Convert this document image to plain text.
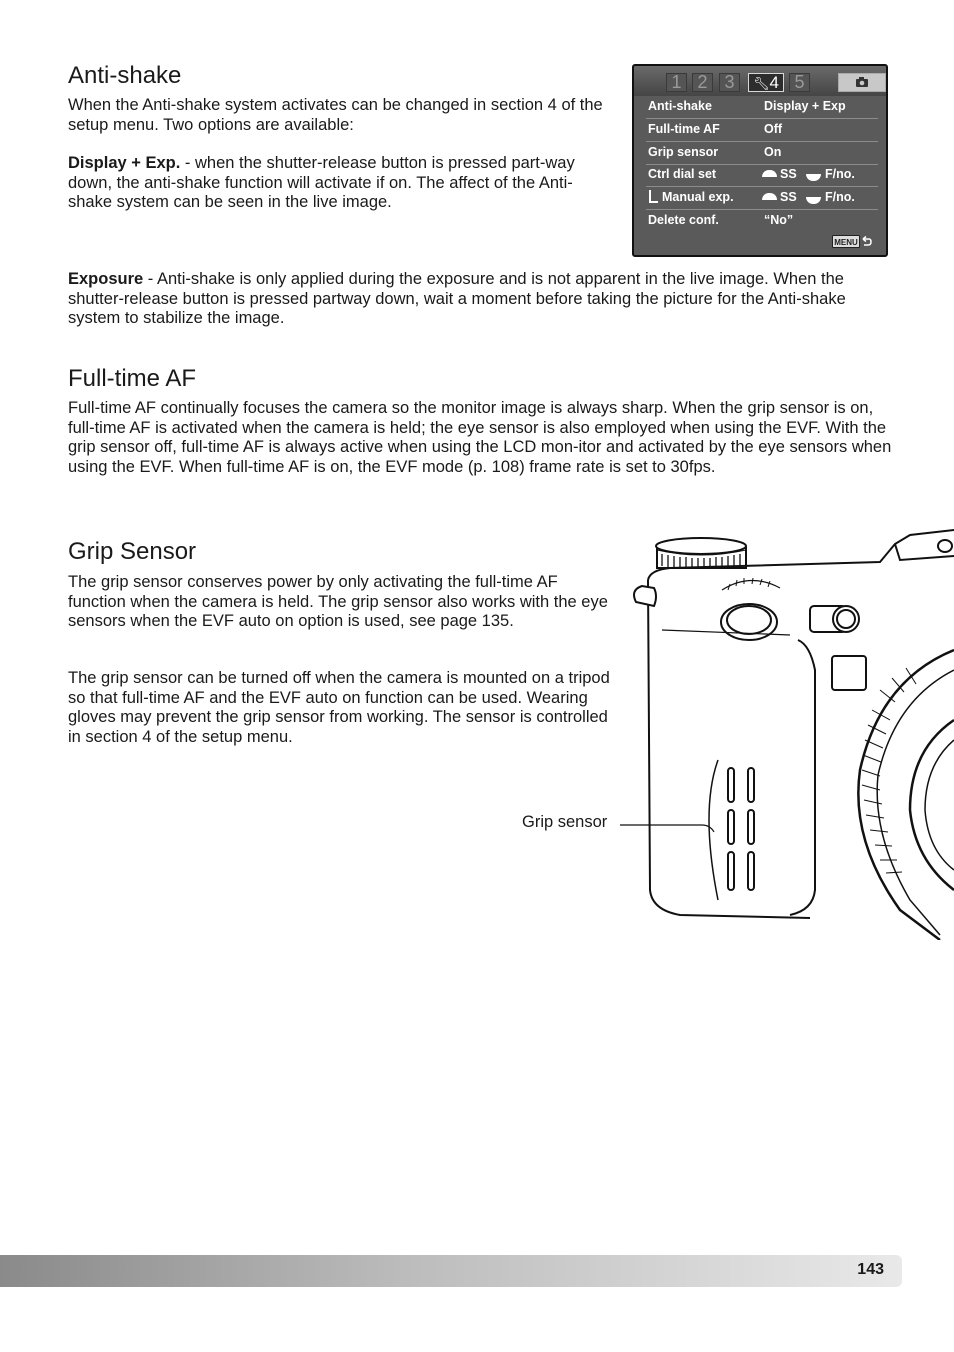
Anti-shake

When the Anti-shake system activates can be changed in section 4 of the setup menu. Two options are available:

Display + Exp. - when the shutter-release button is pressed part-way down, the anti-shake function will activate if on. The affect of the Anti-shake system can be seen in the live image.

1 2 3	🔧︎4 5
Anti-shake	Display + Exp
Full-time AF	Off
Grip sensor	On
Ctrl dial set	SS F/no.
Manual exp.	SS F/no.
Delete conf.	“No”
MENU

Exposure - Anti-shake is only applied during the exposure and is not apparent in the live image. When the shutter-release button is pressed partway down, wait a moment before taking the picture for the Anti-shake system to stabilize the image.

Full-time AF

Full-time AF continually focuses the camera so the monitor image is always sharp. When the grip sensor is on, full-time AF is activated when the camera is held; the eye sensor is also employed when using the EVF. With the grip sensor off, full-time AF is always active when using the LCD mon-itor and activated by the eye sensors when using the EVF. When full-time AF is on, the EVF mode (p. 108) frame rate is set to 30fps.

Grip Sensor

The grip sensor conserves power by only activating the full-time AF function when the camera is held. The grip sensor also works with the eye sensors when the EVF auto on option is used, see page 135.

The grip sensor can be turned off when the camera is mounted on a tripod so that full-time AF and the EVF auto on function can be used. Wearing gloves may prevent the grip sensor from working. The sensor is controlled in section 4 of the setup menu.

Grip sensor
143
